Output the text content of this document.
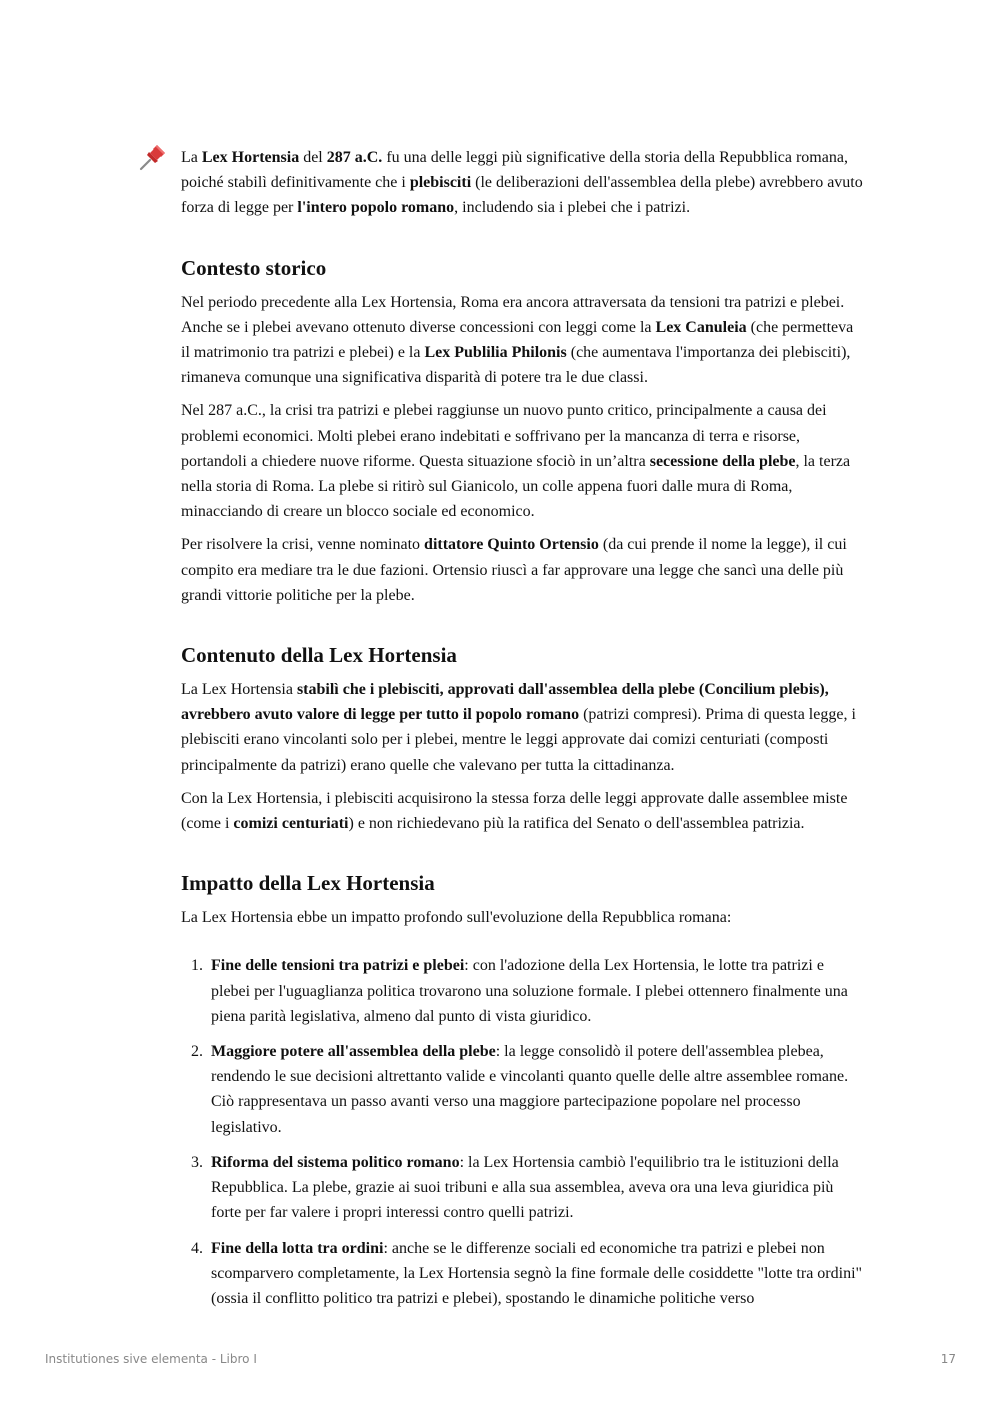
La Lex Hortensia del 287 a.C. fu una delle leggi più significative della storia della Repubblica romana, poiché stabilì definitivamente che i plebisciti (le deliberazioni dell'assemblea della plebe) avrebbero avuto forza di legge per l'intero popolo romano, includendo sia i plebei che i patrizi.

Contesto storico

Nel periodo precedente alla Lex Hortensia, Roma era ancora attraversata da tensioni tra patrizi e plebei. Anche se i plebei avevano ottenuto diverse concessioni con leggi come la Lex Canuleia (che permetteva il matrimonio tra patrizi e plebei) e la Lex Publilia Philonis (che aumentava l'importanza dei plebisciti), rimaneva comunque una significativa disparità di potere tra le due classi.

Nel 287 a.C., la crisi tra patrizi e plebei raggiunse un nuovo punto critico, principalmente a causa dei problemi economici. Molti plebei erano indebitati e soffrivano per la mancanza di terra e risorse, portandoli a chiedere nuove riforme. Questa situazione sfociò in un’altra secessione della plebe, la terza nella storia di Roma. La plebe si ritirò sul Gianicolo, un colle appena fuori dalle mura di Roma, minacciando di creare un blocco sociale ed economico.

Per risolvere la crisi, venne nominato dittatore Quinto Ortensio (da cui prende il nome la legge), il cui compito era mediare tra le due fazioni. Ortensio riuscì a far approvare una legge che sancì una delle più grandi vittorie politiche per la plebe.

Contenuto della Lex Hortensia

La Lex Hortensia stabilì che i plebisciti, approvati dall'assemblea della plebe (Concilium plebis), avrebbero avuto valore di legge per tutto il popolo romano (patrizi compresi). Prima di questa legge, i plebisciti erano vincolanti solo per i plebei, mentre le leggi approvate dai comizi centuriati (composti principalmente da patrizi) erano quelle che valevano per tutta la cittadinanza.

Con la Lex Hortensia, i plebisciti acquisirono la stessa forza delle leggi approvate dalle assemblee miste (come i comizi centuriati) e non richiedevano più la ratifica del Senato o dell'assemblea patrizia.

Impatto della Lex Hortensia

La Lex Hortensia ebbe un impatto profondo sull'evoluzione della Repubblica romana:

1. Fine delle tensioni tra patrizi e plebei: con l'adozione della Lex Hortensia, le lotte tra patrizi e plebei per l'uguaglianza politica trovarono una soluzione formale. I plebei ottennero finalmente una piena parità legislativa, almeno dal punto di vista giuridico.
2. Maggiore potere all'assemblea della plebe: la legge consolidò il potere dell'assemblea plebea, rendendo le sue decisioni altrettanto valide e vincolanti quanto quelle delle altre assemblee romane. Ciò rappresentava un passo avanti verso una maggiore partecipazione popolare nel processo legislativo.
3. Riforma del sistema politico romano: la Lex Hortensia cambiò l'equilibrio tra le istituzioni della Repubblica. La plebe, grazie ai suoi tribuni e alla sua assemblea, aveva ora una leva giuridica più forte per far valere i propri interessi contro quelli patrizi.
4. Fine della lotta tra ordini: anche se le differenze sociali ed economiche tra patrizi e plebei non scomparvero completamente, la Lex Hortensia segnò la fine formale delle cosiddette "lotte tra ordini" (ossia il conflitto politico tra patrizi e plebei), spostando le dinamiche politiche verso
Institutiones sive elementa - Libro I	17
